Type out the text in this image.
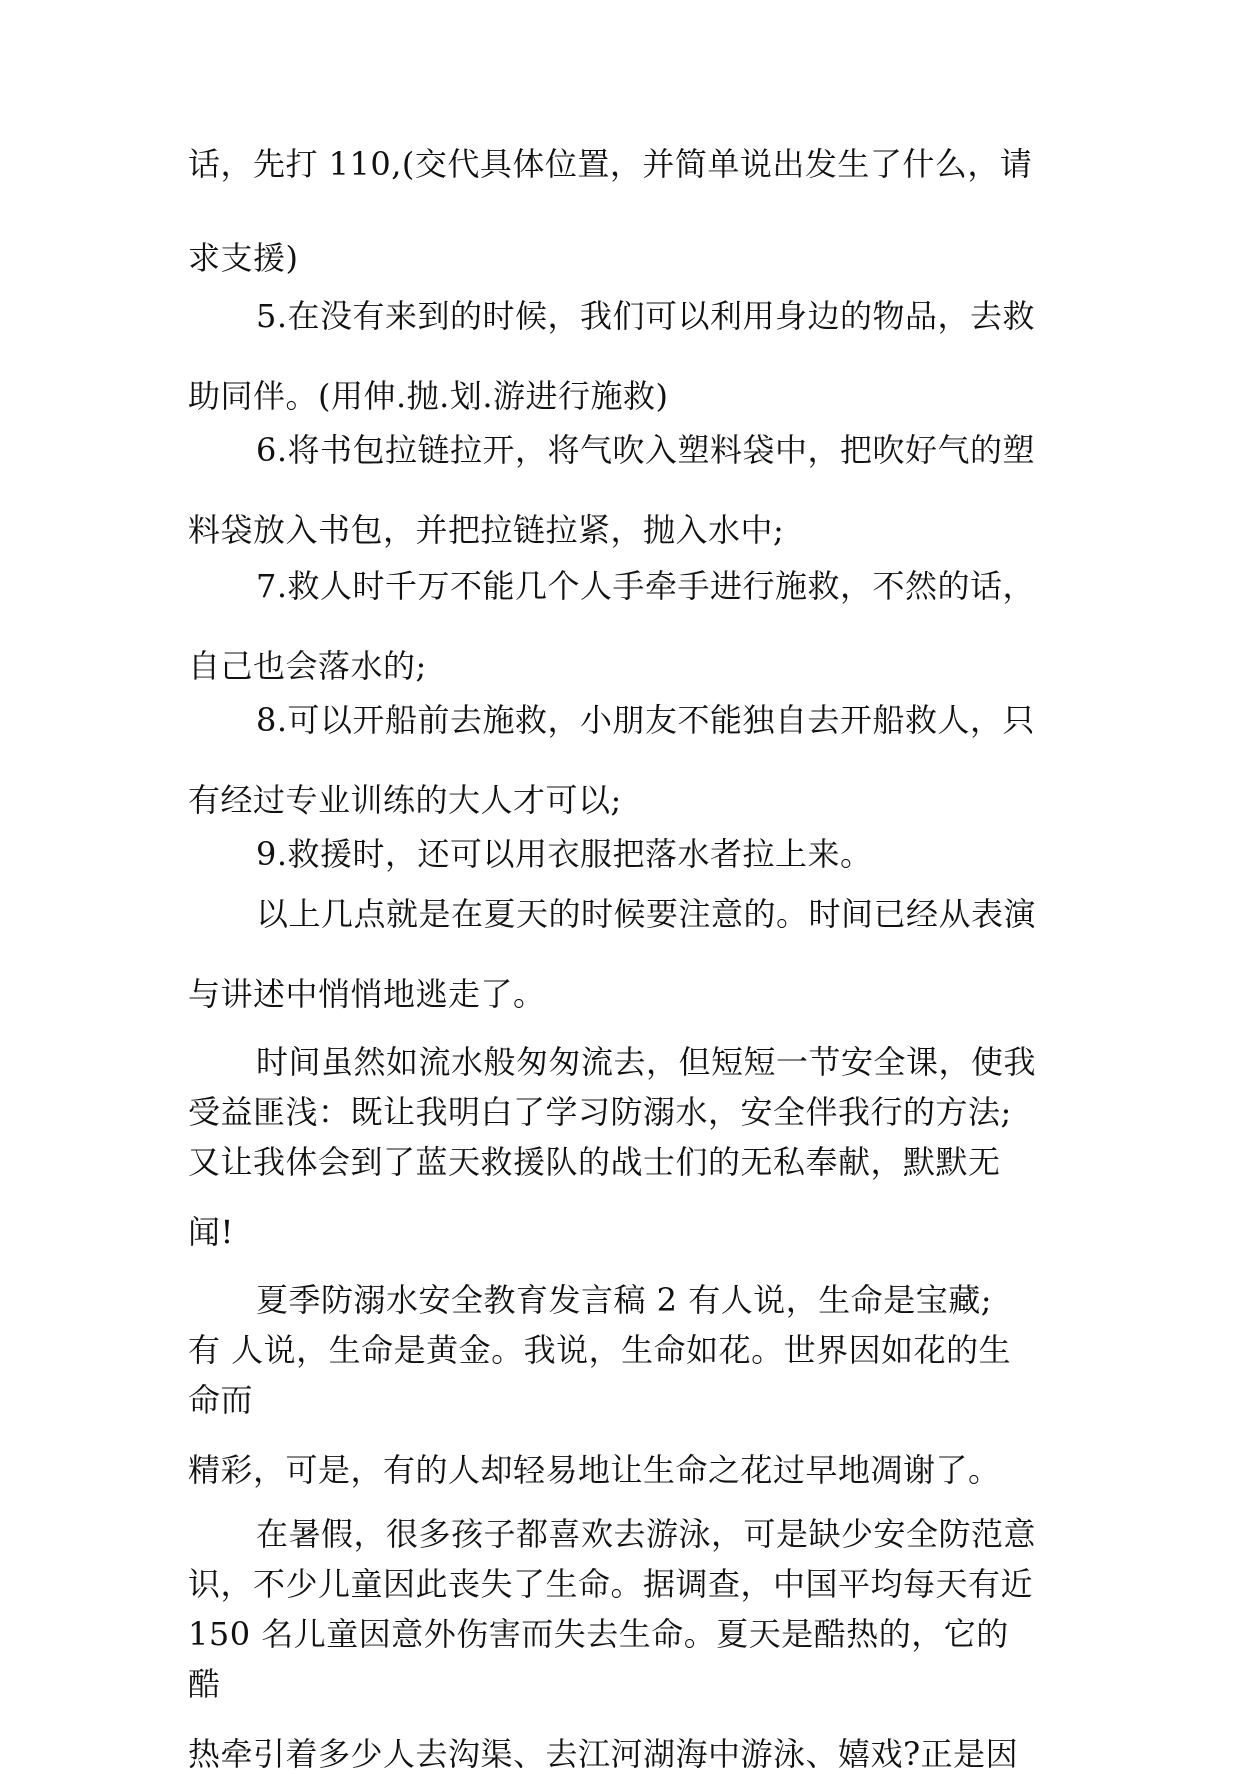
话，先打 110,(交代具体位置，并简单说出发生了什么，请
求支援)
5.在没有来到的时候，我们可以利用身边的物品，去救
助同伴。(用伸.抛.划.游进行施救)
6.将书包拉链拉开，将气吹入塑料袋中，把吹好气的塑
料袋放入书包，并把拉链拉紧，抛入水中;
7.救人时千万不能几个人手牵手进行施救，不然的话，
自己也会落水的;
8.可以开船前去施救，小朋友不能独自去开船救人，只
有经过专业训练的大人才可以;
9.救援时，还可以用衣服把落水者拉上来。
以上几点就是在夏天的时候要注意的。时间已经从表演
与讲述中悄悄地逃走了。
时间虽然如流水般匆匆流去，但短短一节安全课，使我
受益匪浅：既让我明白了学习防溺水，安全伴我行的方法;
又让我体会到了蓝天救援队的战士们的无私奉献，默默无
闻!
夏季防溺水安全教育发言稿 2 有人说，生命是宝藏;
有 人说，生命是黄金。我说，生命如花。世界因如花的生
命而
精彩，可是，有的人却轻易地让生命之花过早地凋谢了。
在暑假，很多孩子都喜欢去游泳，可是缺少安全防范意
识，不少儿童因此丧失了生命。据调查，中国平均每天有近
150 名儿童因意外伤害而失去生命。夏天是酷热的，它的
酷
热牵引着多少人去沟渠、去江河湖海中游泳、嬉戏?正是因
